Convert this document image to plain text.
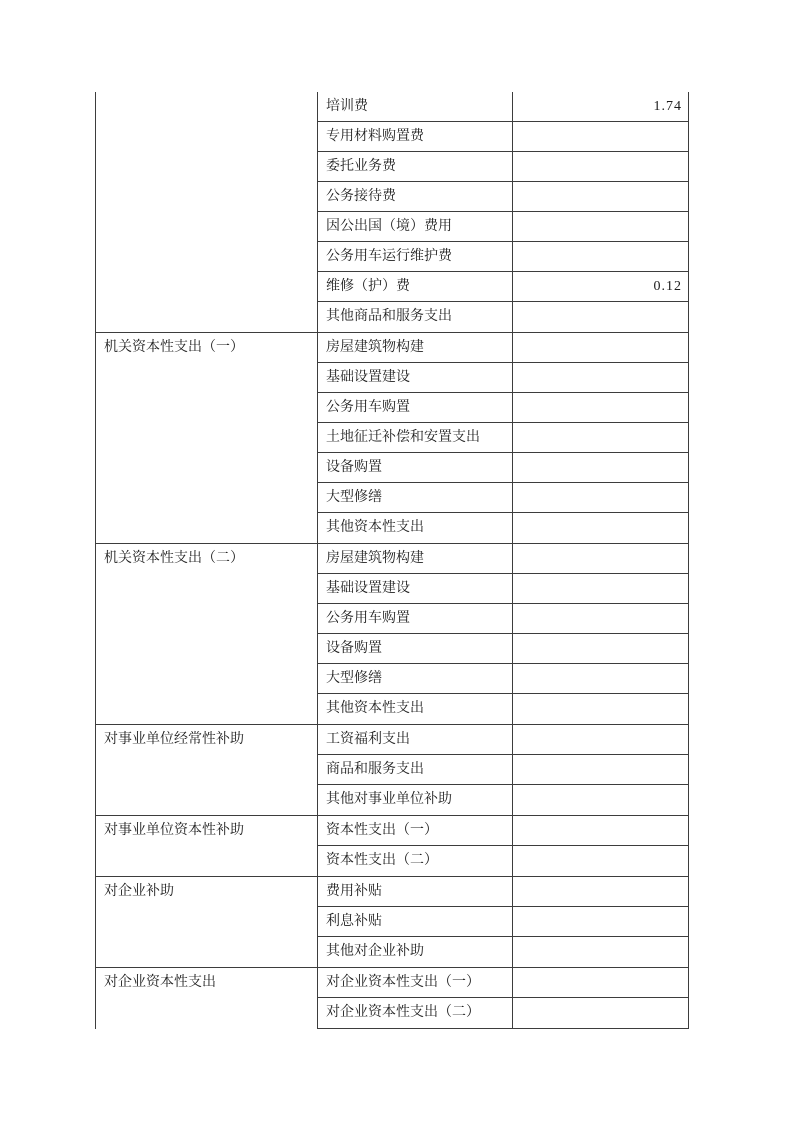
培训费	1.74
专用材料购置费
委托业务费
公务接待费
因公出国（境）费用
公务用车运行维护费
维修（护）费	0.12
其他商品和服务支出
机关资本性支出（一）	房屋建筑物构建
基础设置建设
公务用车购置
土地征迁补偿和安置支出
设备购置
大型修缮
其他资本性支出
机关资本性支出（二）	房屋建筑物构建
基础设置建设
公务用车购置
设备购置
大型修缮
其他资本性支出
对事业单位经常性补助	工资福利支出
商品和服务支出
其他对事业单位补助
对事业单位资本性补助	资本性支出（一）
资本性支出（二）
对企业补助	费用补贴
利息补贴
其他对企业补助
对企业资本性支出	对企业资本性支出（一）
对企业资本性支出（二）
